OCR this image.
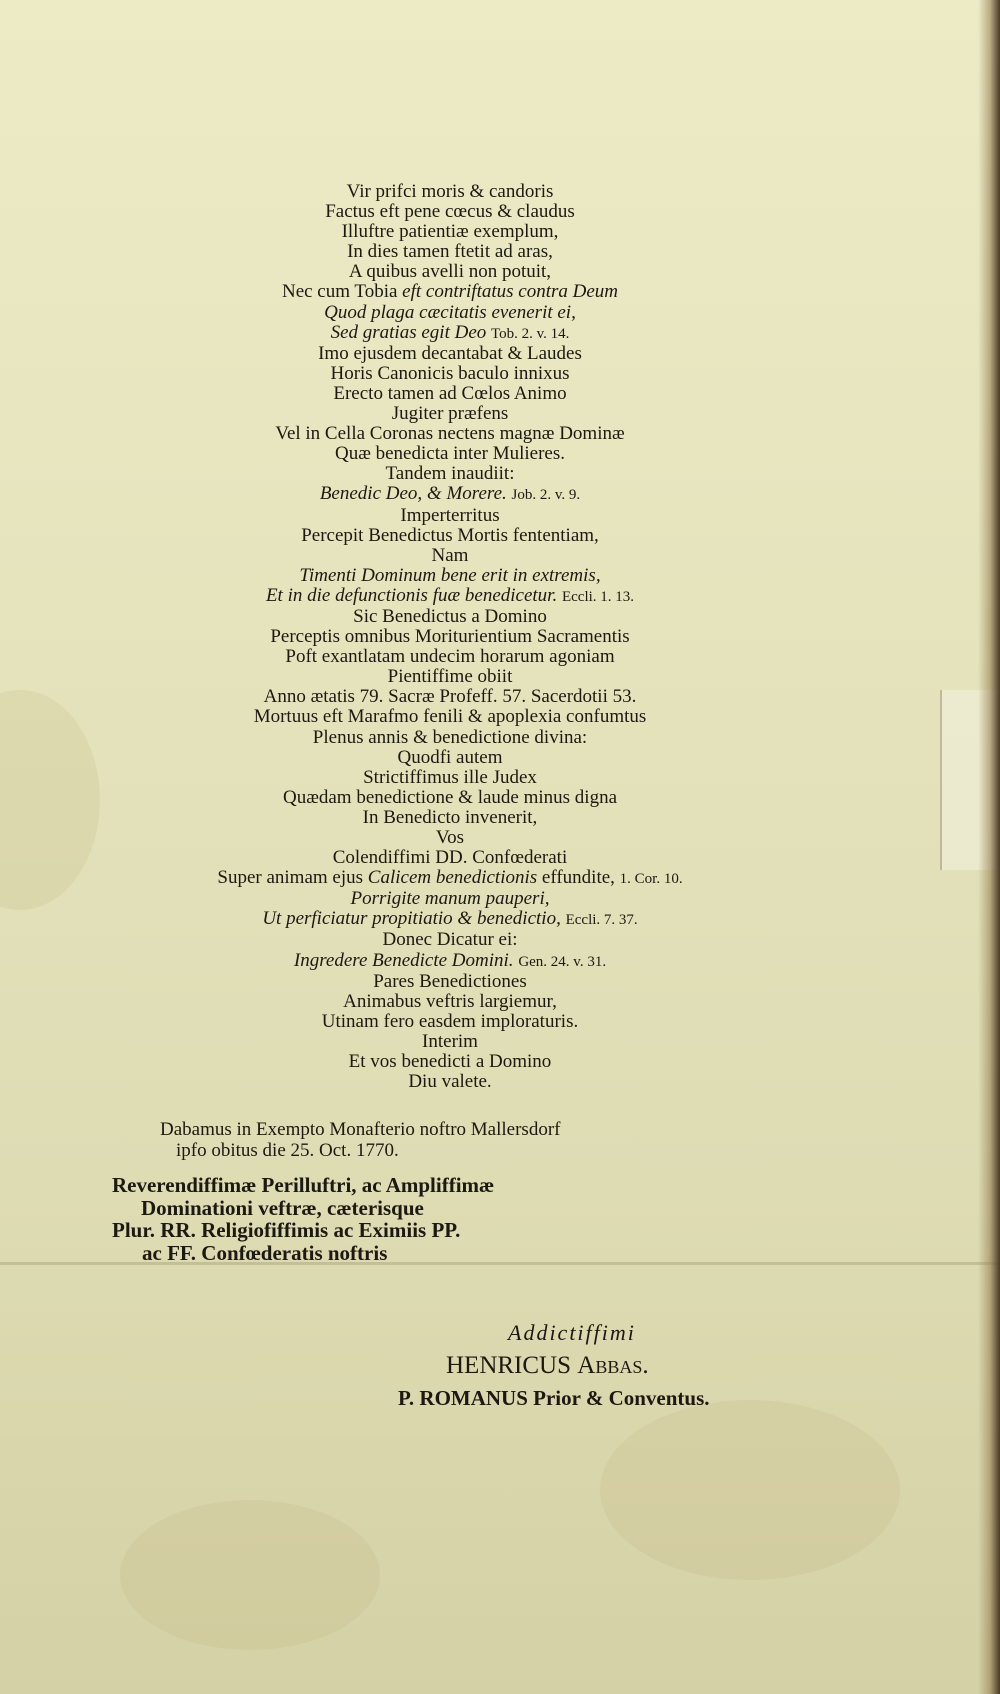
Vir prifci moris & candoris
Factus eft pene cœcus & claudus
Illuftre patientiæ exemplum,
In dies tamen ftetit ad aras,
A quibus avelli non potuit,
Nec cum Tobia eft contriftatus contra Deum
Quod plaga cæcitatis evenerit ei,
Sed gratias egit Deo Tob. 2. v. 14.
Imo ejusdem decantabat & Laudes
Horis Canonicis baculo innixus
Erecto tamen ad Cœlos Animo
Jugiter præfens
Vel in Cella Coronas nectens magnæ Dominæ
Quæ benedicta inter Mulieres.
Tandem inaudiit:
Benedic Deo, & Morere. Job. 2. v. 9.
Imperterritus
Percepit Benedictus Mortis fententiam,
Nam
Timenti Dominum bene erit in extremis,
Et in die defunctionis fuæ benedicetur. Eccli. 1. 13.
Sic Benedictus a Domino
Perceptis omnibus Moriturientium Sacramentis
Poft exantlatam undecim horarum agoniam
Pientiffime obiit
Anno ætatis 79. Sacræ Profeff. 57. Sacerdotii 53.
Mortuus eft Marafmo fenili & apoplexia confumtus
Plenus annis & benedictione divina:
Quodfi autem
Strictiffimus ille Judex
Quædam benedictione & laude minus digna
In Benedicto invenerit,
Vos
Colendiffimi DD. Confœderati
Super animam ejus Calicem benedictionis effundite, 1. Cor. 10.
Porrigite manum pauperi,
Ut perficiatur propitiatio & benedictio, Eccli. 7. 37.
Donec Dicatur ei:
Ingredere Benedicte Domini. Gen. 24. v. 31.
Pares Benedictiones
Animabus veftris largiemur,
Utinam fero easdem imploraturis.
Interim
Et vos benedicti a Domino
Diu valete.
Dabamus in Exempto Monafterio noftro Mallersdorf
ipfo obitus die 25. Oct. 1770.
Reverendiffimæ Perilluftri, ac Ampliffimæ
Dominationi veftræ, cæterisque
Plur. RR. Religiofiffimis ac Eximiis PP.
ac FF. Confœderatis noftris
Addictiffimi
HENRICUS Abbas.
P. ROMANUS Prior & Conventus.
